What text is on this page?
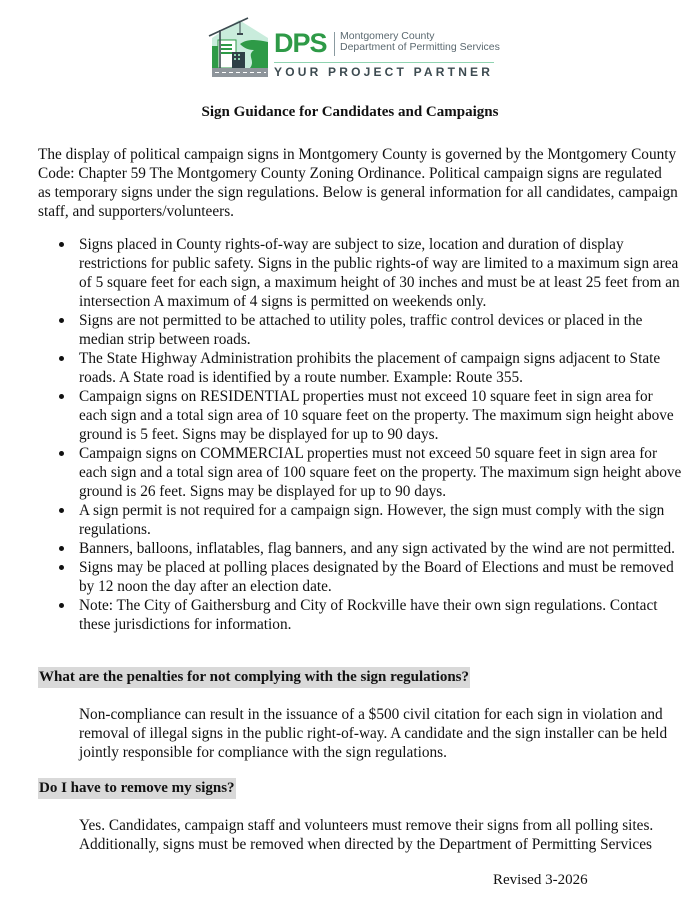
DPS Montgomery County
Department of Permitting Services
YOUR PROJECT PARTNER
Sign Guidance for Candidates and Campaigns

The display of political campaign signs in Montgomery County is governed by the Montgomery County Code: Chapter 59 The Montgomery County Zoning Ordinance. Political campaign signs are regulated as temporary signs under the sign regulations. Below is general information for all candidates, campaign staff, and supporters/volunteers.

Signs placed in County rights-of-way are subject to size, location and duration of display restrictions for public safety. Signs in the public rights-of way are limited to a maximum sign area of 5 square feet for each sign, a maximum height of 30 inches and must be at least 25 feet from an intersection A maximum of 4 signs is permitted on weekends only.
Signs are not permitted to be attached to utility poles, traffic control devices or placed in the median strip between roads.
The State Highway Administration prohibits the placement of campaign signs adjacent to State roads. A State road is identified by a route number. Example: Route 355.
Campaign signs on RESIDENTIAL properties must not exceed 10 square feet in sign area for each sign and a total sign area of 10 square feet on the property. The maximum sign height above ground is 5 feet. Signs may be displayed for up to 90 days.
Campaign signs on COMMERCIAL properties must not exceed 50 square feet in sign area for each sign and a total sign area of 100 square feet on the property. The maximum sign height above ground is 26 feet. Signs may be displayed for up to 90 days.
A sign permit is not required for a campaign sign. However, the sign must comply with the sign regulations.
Banners, balloons, inflatables, flag banners, and any sign activated by the wind are not permitted.
Signs may be placed at polling places designated by the Board of Elections and must be removed by 12 noon the day after an election date.
Note: The City of Gaithersburg and City of Rockville have their own sign regulations. Contact these jurisdictions for information.
What are the penalties for not complying with the sign regulations?

Non-compliance can result in the issuance of a $500 civil citation for each sign in violation and removal of illegal signs in the public right-of-way. A candidate and the sign installer can be held jointly responsible for compliance with the sign regulations.

Do I have to remove my signs?

Yes. Candidates, campaign staff and volunteers must remove their signs from all polling sites. Additionally, signs must be removed when directed by the Department of Permitting Services

Revised 3-2026
